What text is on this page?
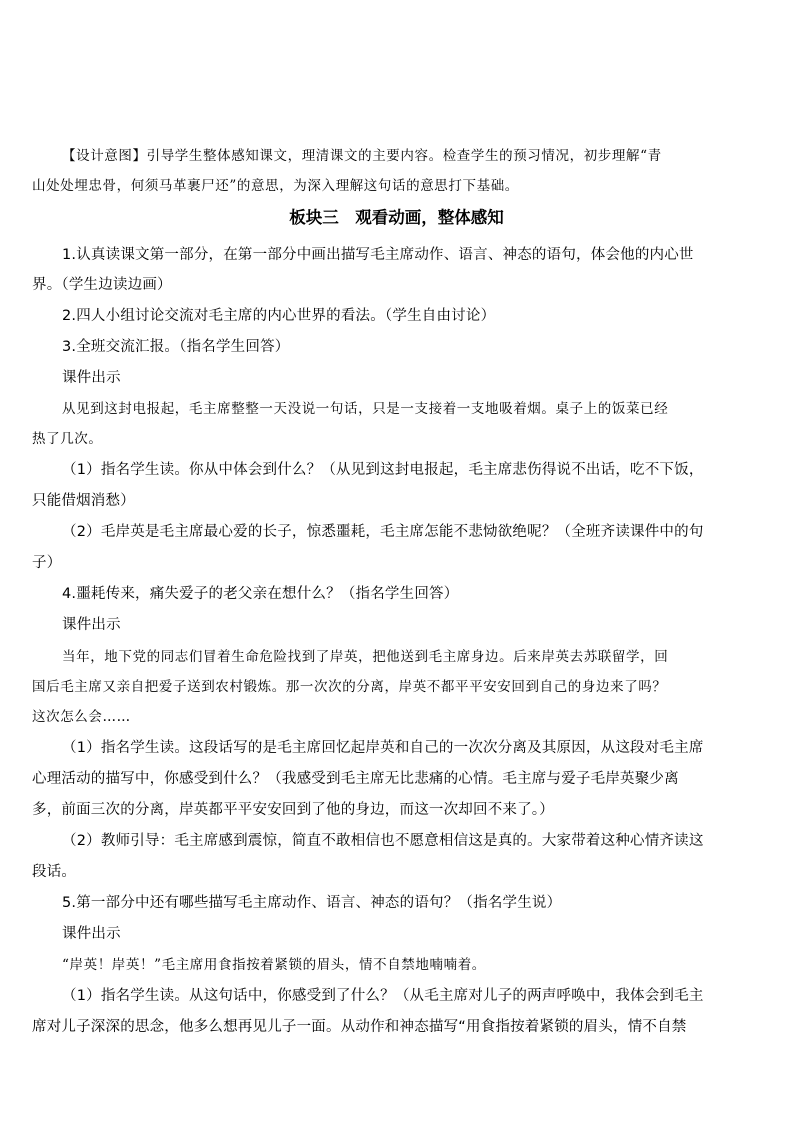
【设计意图】引导学生整体感知课文，理清课文的主要内容。检查学生的预习情况，初步理解“青
山处处埋忠骨，何须马革裹尸还”的意思，为深入理解这句话的意思打下基础。
板块三　观看动画，整体感知
1.认真读课文第一部分，在第一部分中画出描写毛主席动作、语言、神态的语句，体会他的内心世
界。（学生边读边画）
2.四人小组讨论交流对毛主席的内心世界的看法。（学生自由讨论）
3.全班交流汇报。（指名学生回答）
课件出示
从见到这封电报起，毛主席整整一天没说一句话，只是一支接着一支地吸着烟。桌子上的饭菜已经
热了几次。
（1）指名学生读。你从中体会到什么？（从见到这封电报起，毛主席悲伤得说不出话，吃不下饭，
只能借烟消愁）
（2）毛岸英是毛主席最心爱的长子，惊悉噩耗，毛主席怎能不悲恸欲绝呢？（全班齐读课件中的句
子）
4.噩耗传来，痛失爱子的老父亲在想什么？（指名学生回答）
课件出示
当年，地下党的同志们冒着生命危险找到了岸英，把他送到毛主席身边。后来岸英去苏联留学，回
国后毛主席又亲自把爱子送到农村锻炼。那一次次的分离，岸英不都平平安安回到自己的身边来了吗？
这次怎么会……
（1）指名学生读。这段话写的是毛主席回忆起岸英和自己的一次次分离及其原因，从这段对毛主席
心理活动的描写中，你感受到什么？（我感受到毛主席无比悲痛的心情。毛主席与爱子毛岸英聚少离
多，前面三次的分离，岸英都平平安安回到了他的身边，而这一次却回不来了。）
（2）教师引导：毛主席感到震惊，简直不敢相信也不愿意相信这是真的。大家带着这种心情齐读这
段话。
5.第一部分中还有哪些描写毛主席动作、语言、神态的语句？（指名学生说）
课件出示
“岸英！岸英！”毛主席用食指按着紧锁的眉头，情不自禁地喃喃着。
（1）指名学生读。从这句话中，你感受到了什么？（从毛主席对儿子的两声呼唤中，我体会到毛主
席对儿子深深的思念，他多么想再见儿子一面。从动作和神态描写“用食指按着紧锁的眉头，情不自禁
